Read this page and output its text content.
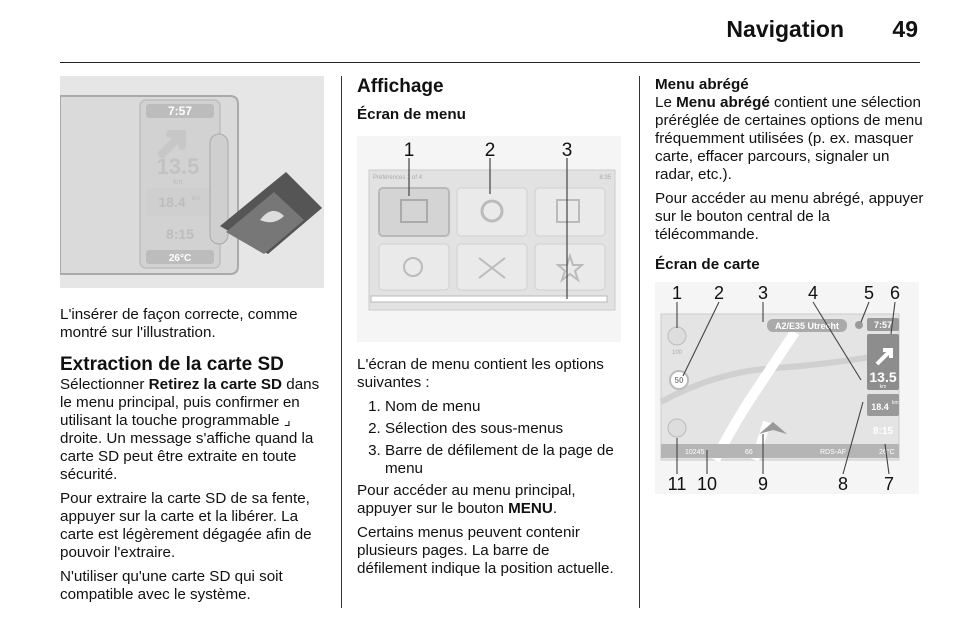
Navigation 49
7:57
13.5
km
18.4 km
8:15
26°C

L'insérer de façon correcte, comme montré sur l'illustration.

Extraction de la carte SD

Sélectionner Retirez la carte SD dans le menu principal, puis confirmer en utilisant la touche programmable ⌟ droite. Un message s'affiche quand la carte SD peut être extraite en toute sécurité.

Pour extraire la carte SD de sa fente, appuyer sur la carte et la libérer. La carte est légèrement dégagée afin de pouvoir l'extraire.

N'utiliser qu'une carte SD qui soit compatible avec le système.

Affichage
Écran de menu
Préférences 1 of 4	8:35
1	2	3

L'écran de menu contient les options suivantes :

1. Nom de menu
2. Sélection des sous-menus
3. Barre de défilement de la page de menu

Pour accéder au menu principal, appuyer sur le bouton MENU.

Certains menus peuvent contenir plusieurs pages. La barre de défilement indique la position actuelle.

Menu abrégé

Le Menu abrégé contient une sélection préréglée de certaines options de menu fréquemment utilisées (p. ex. masquer carte, effacer parcours, signaler un radar, etc.).

Pour accéder au menu abrégé, appuyer sur le bouton central de la télécommande.

Écran de carte
A2/E35 Utrecht	7:57
13.5
km
18.4 km
8:15
10245	66	RDS-AF	26°C
100
50
1 2 3 4	5 6
11 10 9	8 7
